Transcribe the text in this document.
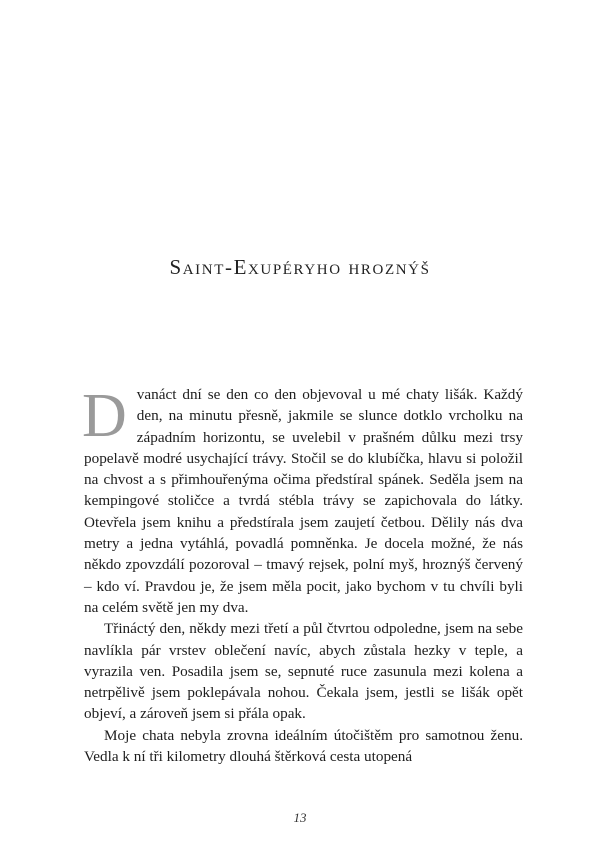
Saint-Exupéryho hroznýš

Dvanáct dní se den co den objevoval u mé chaty lišák. Každý den, na minutu přesně, jakmile se slunce dotklo vrcholku na západním horizontu, se uvelebil v prašném důlku mezi trsy popelavě modré usychající trávy. Stočil se do klubíčka, hlavu si položil na chvost a s přimhouřenýma očima předstíral spánek. Seděla jsem na kempingové stoličce a tvrdá stébla trávy se zapichovala do látky. Otevřela jsem knihu a předstírala jsem zaujetí četbou. Dělily nás dva metry a jedna vytáhlá, povadlá pomněnka. Je docela možné, že nás někdo zpovzdálí pozoroval – tmavý rejsek, polní myš, hroznýš červený – kdo ví. Pravdou je, že jsem měla pocit, jako bychom v tu chvíli byli na celém světě jen my dva.

Třináctý den, někdy mezi třetí a půl čtvrtou odpoledne, jsem na sebe navlíkla pár vrstev oblečení navíc, abych zůstala hezky v teple, a vyrazila ven. Posadila jsem se, sepnuté ruce zasunula mezi kolena a netrpělivě jsem poklepávala nohou. Čekala jsem, jestli se lišák opět objeví, a zároveň jsem si přála opak.

Moje chata nebyla zrovna ideálním útočištěm pro samotnou ženu. Vedla k ní tři kilometry dlouhá štěrková cesta utopená

13
